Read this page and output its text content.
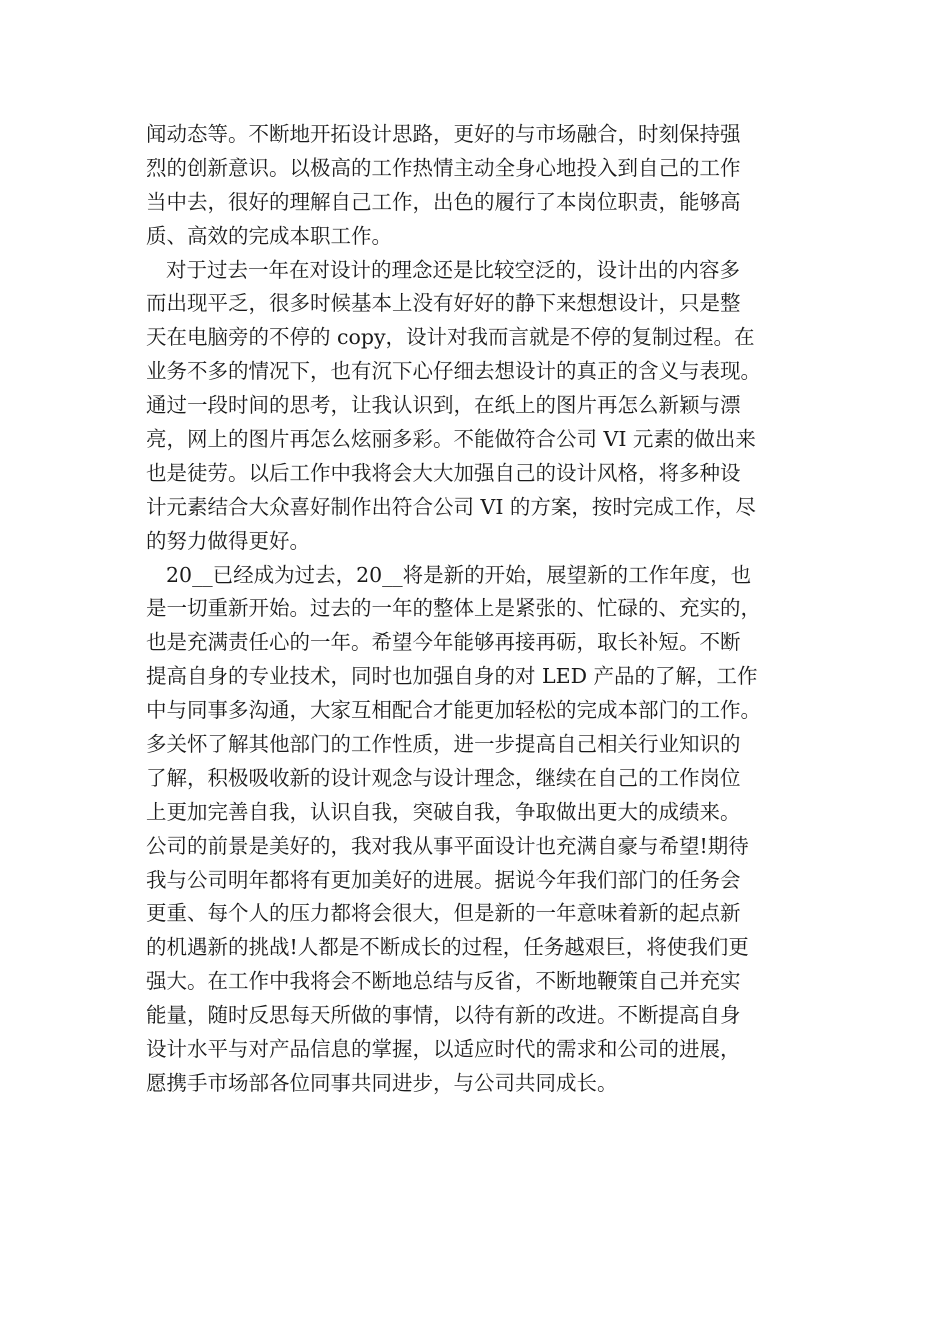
闻动态等。不断地开拓设计思路，更好的与市场融合，时刻保持强
烈的创新意识。以极高的工作热情主动全身心地投入到自己的工作
当中去，很好的理解自己工作，出色的履行了本岗位职责，能够高
质、高效的完成本职工作。
对于过去一年在对设计的理念还是比较空泛的，设计出的内容多
而出现平乏，很多时候基本上没有好好的静下来想想设计，只是整
天在电脑旁的不停的 copy，设计对我而言就是不停的复制过程。在
业务不多的情况下，也有沉下心仔细去想设计的真正的含义与表现。
通过一段时间的思考，让我认识到，在纸上的图片再怎么新颖与漂
亮，网上的图片再怎么炫丽多彩。不能做符合公司 VI 元素的做出来
也是徒劳。以后工作中我将会大大加强自己的设计风格，将多种设
计元素结合大众喜好制作出符合公司 VI 的方案，按时完成工作，尽
的努力做得更好。
20__已经成为过去，20__将是新的开始，展望新的工作年度，也
是一切重新开始。过去的一年的整体上是紧张的、忙碌的、充实的，
也是充满责任心的一年。希望今年能够再接再砺，取长补短。不断
提高自身的专业技术，同时也加强自身的对 LED 产品的了解，工作
中与同事多沟通，大家互相配合才能更加轻松的完成本部门的工作。
多关怀了解其他部门的工作性质，进一步提高自己相关行业知识的
了解，积极吸收新的设计观念与设计理念，继续在自己的工作岗位
上更加完善自我，认识自我，突破自我，争取做出更大的成绩来。
公司的前景是美好的，我对我从事平面设计也充满自豪与希望!期待
我与公司明年都将有更加美好的进展。据说今年我们部门的任务会
更重、每个人的压力都将会很大，但是新的一年意味着新的起点新
的机遇新的挑战!人都是不断成长的过程，任务越艰巨，将使我们更
强大。在工作中我将会不断地总结与反省，不断地鞭策自己并充实
能量，随时反思每天所做的事情，以待有新的改进。不断提高自身
设计水平与对产品信息的掌握，以适应时代的需求和公司的进展，
愿携手市场部各位同事共同进步，与公司共同成长。
